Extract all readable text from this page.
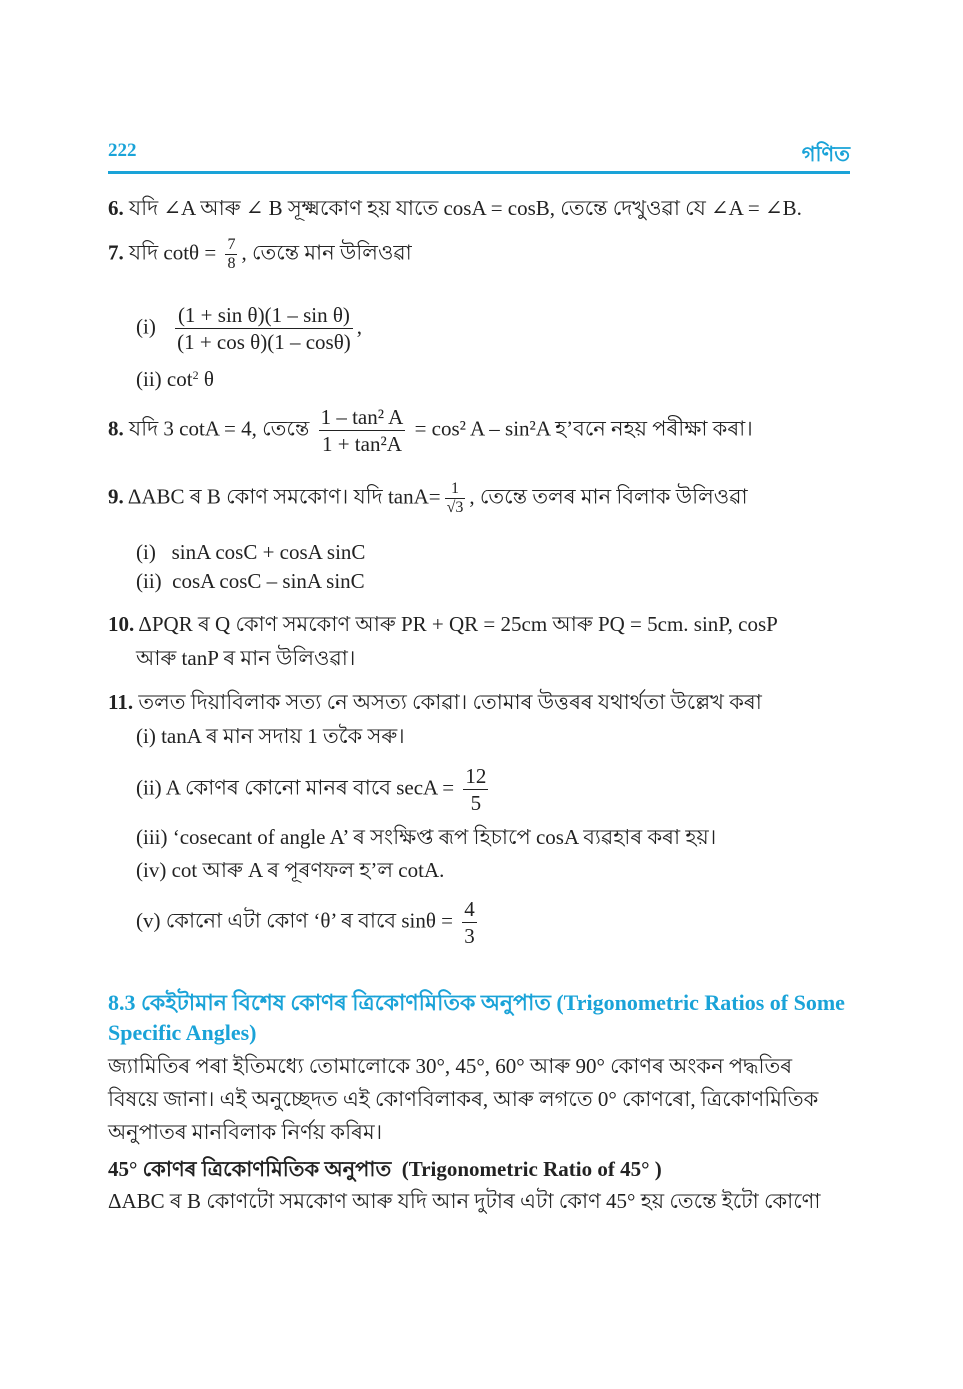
222	গণিত
6. যদি ∠A আৰু ∠ B সূক্ষ্মকোণ হয় যাতে cosA = cosB, তেন্তে দেখুওৱা যে ∠A = ∠B.
7. যদি $\cot\theta = \frac{7}{8}$ , তেন্তে মান উলিওৱা
$(i) \frac{\text{(1 + sin θ)(1 – sin θ)}}{\text{(1 + cos θ)(1 – cosθ)}}$ ,
(ii) $\cot^2 \theta$
8. যদি 3 cotA = 4, তেন্তে $\frac{\text{1 – tan² A}}{\text{1 + tan²A}} = \cos^2$ A – sin²A হ’বনে নহয় পৰীক্ষা কৰা।
9. ΔABC ৰ B কোণ সমকোণ। যদি $\tan A= \frac{1}{√3}$ , তেন্তে তলৰ মান বিলাক উলিওৱা
(i)   sinA cosC + cosA sinC
(ii)  cosA cosC – sinA sinC
10. ΔPQR ৰ Q কোণ সমকোণ আৰু PR + QR = 25cm আৰু PQ = 5cm. sinP, cosP
আৰু tanP ৰ মান উলিওৱা।
11. তলত দিয়াবিলাক সত্য নে অসত্য কোৱা। তোমাৰ উত্তৰৰ যথাৰ্থতা উল্লেখ কৰা
(i) tanA ৰ মান সদায় 1 তকৈ সৰু।
(ii) A কোণৰ কোনো মানৰ বাবে $\sec A = \frac{12}{5}$
(iii) ‘cosecant of angle A’ ৰ সংক্ষিপ্ত ৰূপ হিচাপে cosA ব্যৱহাৰ কৰা হয়।
(iv) cot আৰু A ৰ পূৰণফল হ’ল cotA.
(v) কোনো এটা কোণ ‘θ’ ৰ বাবে $\sin\theta = \frac{4}{3}$
8.3 কেইটামান বিশেষ কোণৰ ত্ৰিকোণমিতিক অনুপাত (Trigonometric Ratios of Some
Specific Angles)
জ্যামিতিৰ পৰা ইতিমধ্যে তোমালোকে 30°, 45°, 60° আৰু 90° কোণৰ অংকন পদ্ধতিৰ
বিষয়ে জানা। এই অনুচ্ছেদত এই কোণবিলাকৰ, আৰু লগতে 0° কোণৰো, ত্ৰিকোণমিতিক
অনুপাতৰ মানবিলাক নিৰ্ণয় কৰিম।
45° কোণৰ ত্ৰিকোণমিতিক অনুপাত  (Trigonometric Ratio of 45° )
ΔABC ৰ B কোণটো সমকোণ আৰু যদি আন দুটাৰ এটা কোণ 45° হয় তেন্তে ইটো কোণো
